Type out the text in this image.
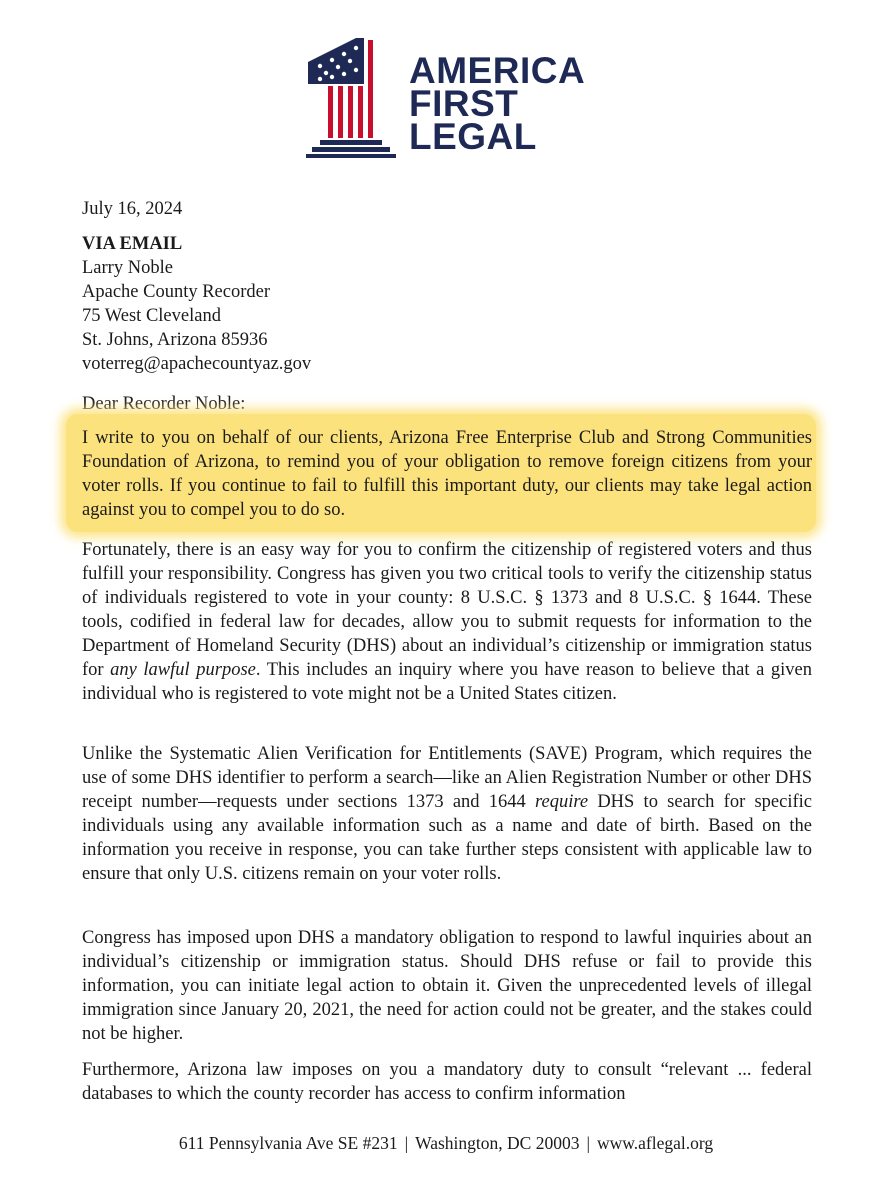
AMERICA
FIRST
LEGAL
July 16, 2024
VIA EMAIL
Larry Noble
Apache County Recorder
75 West Cleveland
St. Johns, Arizona 85936
voterreg@apachecountyaz.gov
Dear Recorder Noble:
I write to you on behalf of our clients, Arizona Free Enterprise Club and Strong Communities Foundation of Arizona, to remind you of your obligation to remove foreign citizens from your voter rolls. If you continue to fail to fulfill this important duty, our clients may take legal action against you to compel you to do so.
Fortunately, there is an easy way for you to confirm the citizenship of registered voters and thus fulfill your responsibility. Congress has given you two critical tools to verify the citizenship status of individuals registered to vote in your county: 8 U.S.C. § 1373 and 8 U.S.C. § 1644. These tools, codified in federal law for decades, allow you to submit requests for information to the Department of Homeland Security (DHS) about an individual’s citizenship or immigration status for any lawful purpose. This includes an inquiry where you have reason to believe that a given individual who is registered to vote might not be a United States citizen.
Unlike the Systematic Alien Verification for Entitlements (SAVE) Program, which requires the use of some DHS identifier to perform a search—like an Alien Registration Number or other DHS receipt number—requests under sections 1373 and 1644 require DHS to search for specific individuals using any available information such as a name and date of birth. Based on the information you receive in response, you can take further steps consistent with applicable law to ensure that only U.S. citizens remain on your voter rolls.
Congress has imposed upon DHS a mandatory obligation to respond to lawful inquiries about an individual’s citizenship or immigration status. Should DHS refuse or fail to provide this information, you can initiate legal action to obtain it. Given the unprecedented levels of illegal immigration since January 20, 2021, the need for action could not be greater, and the stakes could not be higher.
Furthermore, Arizona law imposes on you a mandatory duty to consult “relevant ... federal databases to which the county recorder has access to confirm information
611 Pennsylvania Ave SE #231 | Washington, DC 20003 | www.aflegal.org
